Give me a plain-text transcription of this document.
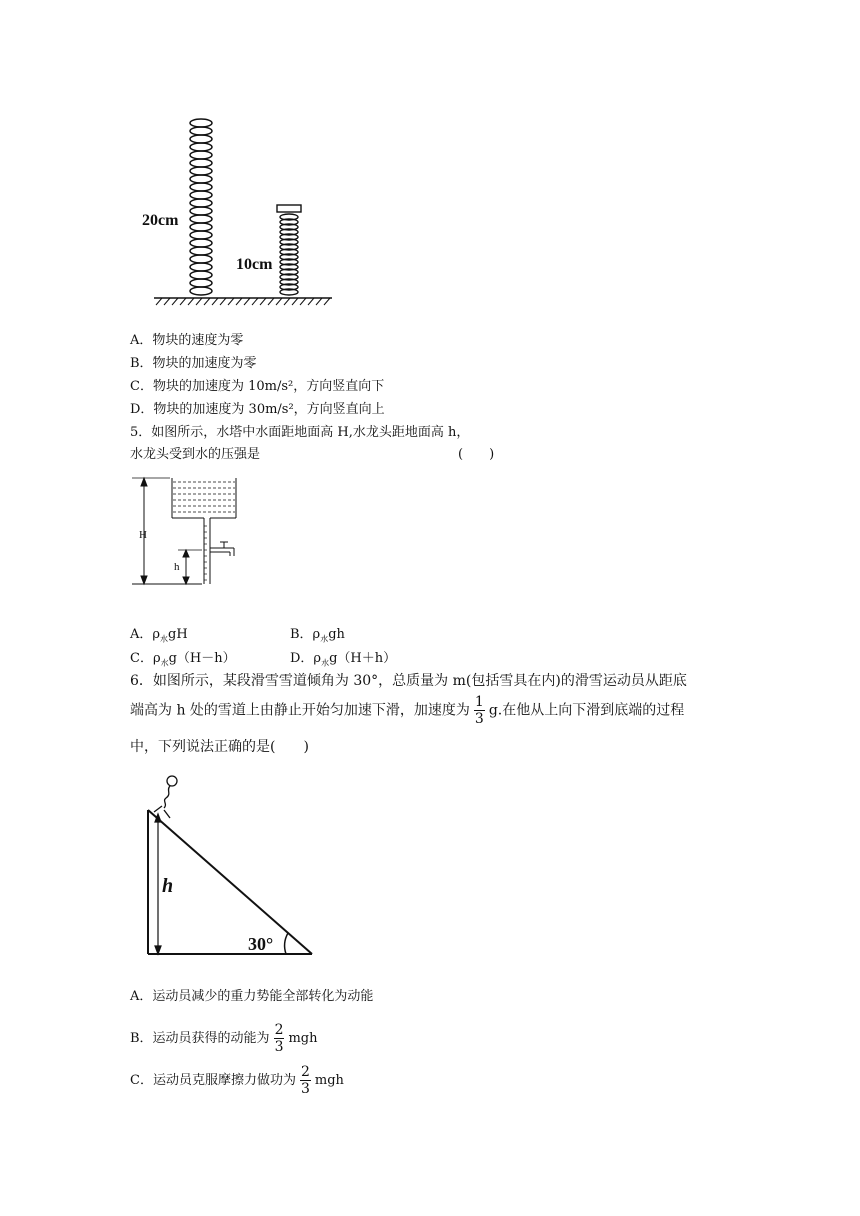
20cm
10cm
A．物块的速度为零
B．物块的加速度为零
C．物块的加速度为 10m/s²，方向竖直向下
D．物块的加速度为 30m/s²，方向竖直向上
5．如图所示，水塔中水面距地面高 H,水龙头距地面高 h，
水龙头受到水的压强是	(　　)
H
h
A．$\rho_水gH$	B．$\rho_水gh$
C．$\rho_水g(H-h)$	D．$\rho_水g(H+h)$
6．如图所示，某段滑雪雪道倾角为 30°，总质量为 m(包括雪具在内)的滑雪运动员从距底
端高为 h 处的雪道上由静止开始匀加速下滑，加速度为 $\frac{1}{3} g$.在他从上向下滑到底端的过程
中，下列说法正确的是(　　)
h
30°
A．运动员减少的重力势能全部转化为动能
B．运动员获得的动能为 $\frac{2}{3}$ mgh
C．运动员克服摩擦力做功为 $\frac{2}{3}$ mgh
